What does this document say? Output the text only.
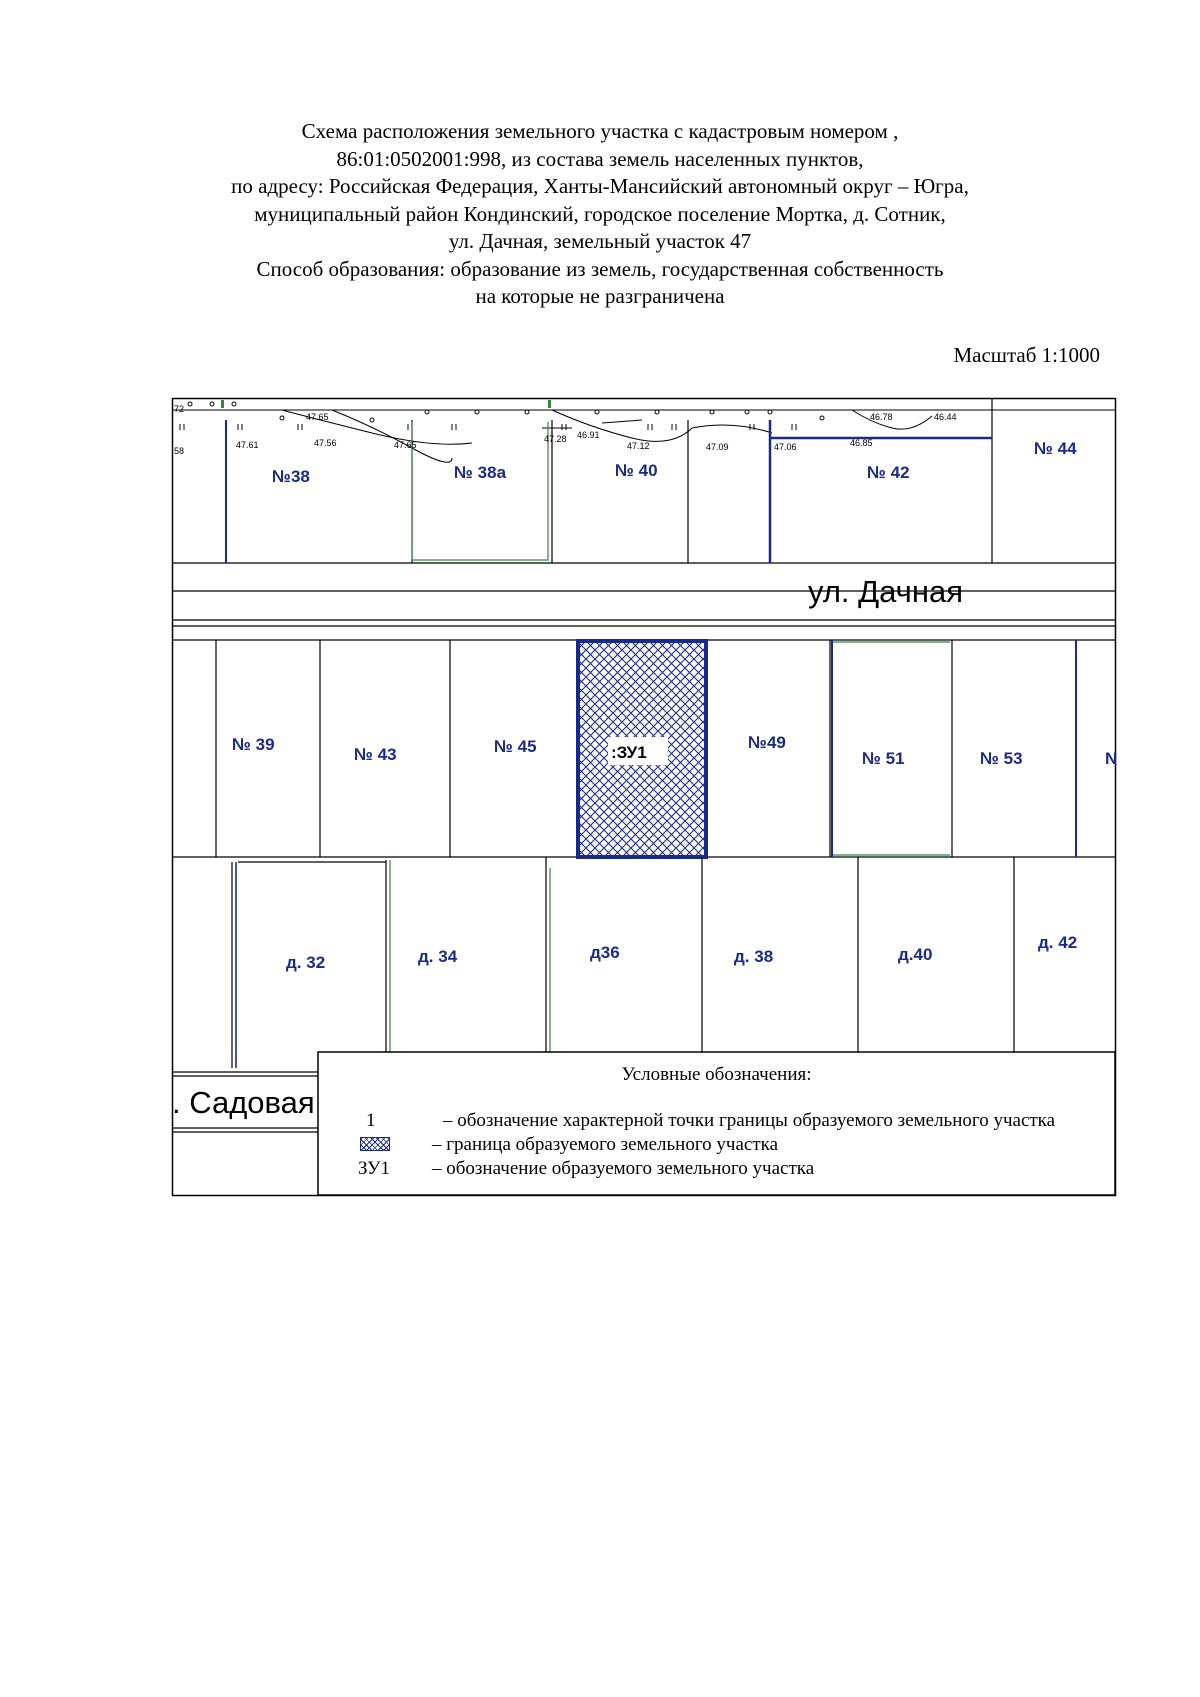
Схема расположения земельного участка с кадастровым номером ,
86:01:0502001:998, из состава земель населенных пунктов,
по адресу: Российская Федерация, Ханты-Мансийский автономный округ – Югра,
муниципальный район Кондинский, городское поселение Мортка, д. Сотник,
ул. Дачная, земельный участок 47
Способ образования: образование из земель, государственная собственность
на которые не разграничена
Масштаб 1:1000
72
58
47.61	47.56	47.65
47.65
46.91
47.12	47.09	47.06	46.85
46.78	46.44
47.28
№38	№ 38а	№ 40	№ 42
№ 44
ул. Дачная
:ЗУ1
№ 39
№ 43	№ 45	№49
№ 51	№ 53	N
д. 32	д. 34	д36	д. 38	д.40
д. 42
. Садовая
Условные обозначения:
1	– обозначение характерной точки границы образуемого земельного участка
– граница образуемого земельного участка
ЗУ1 – обозначение образуемого земельного участка
